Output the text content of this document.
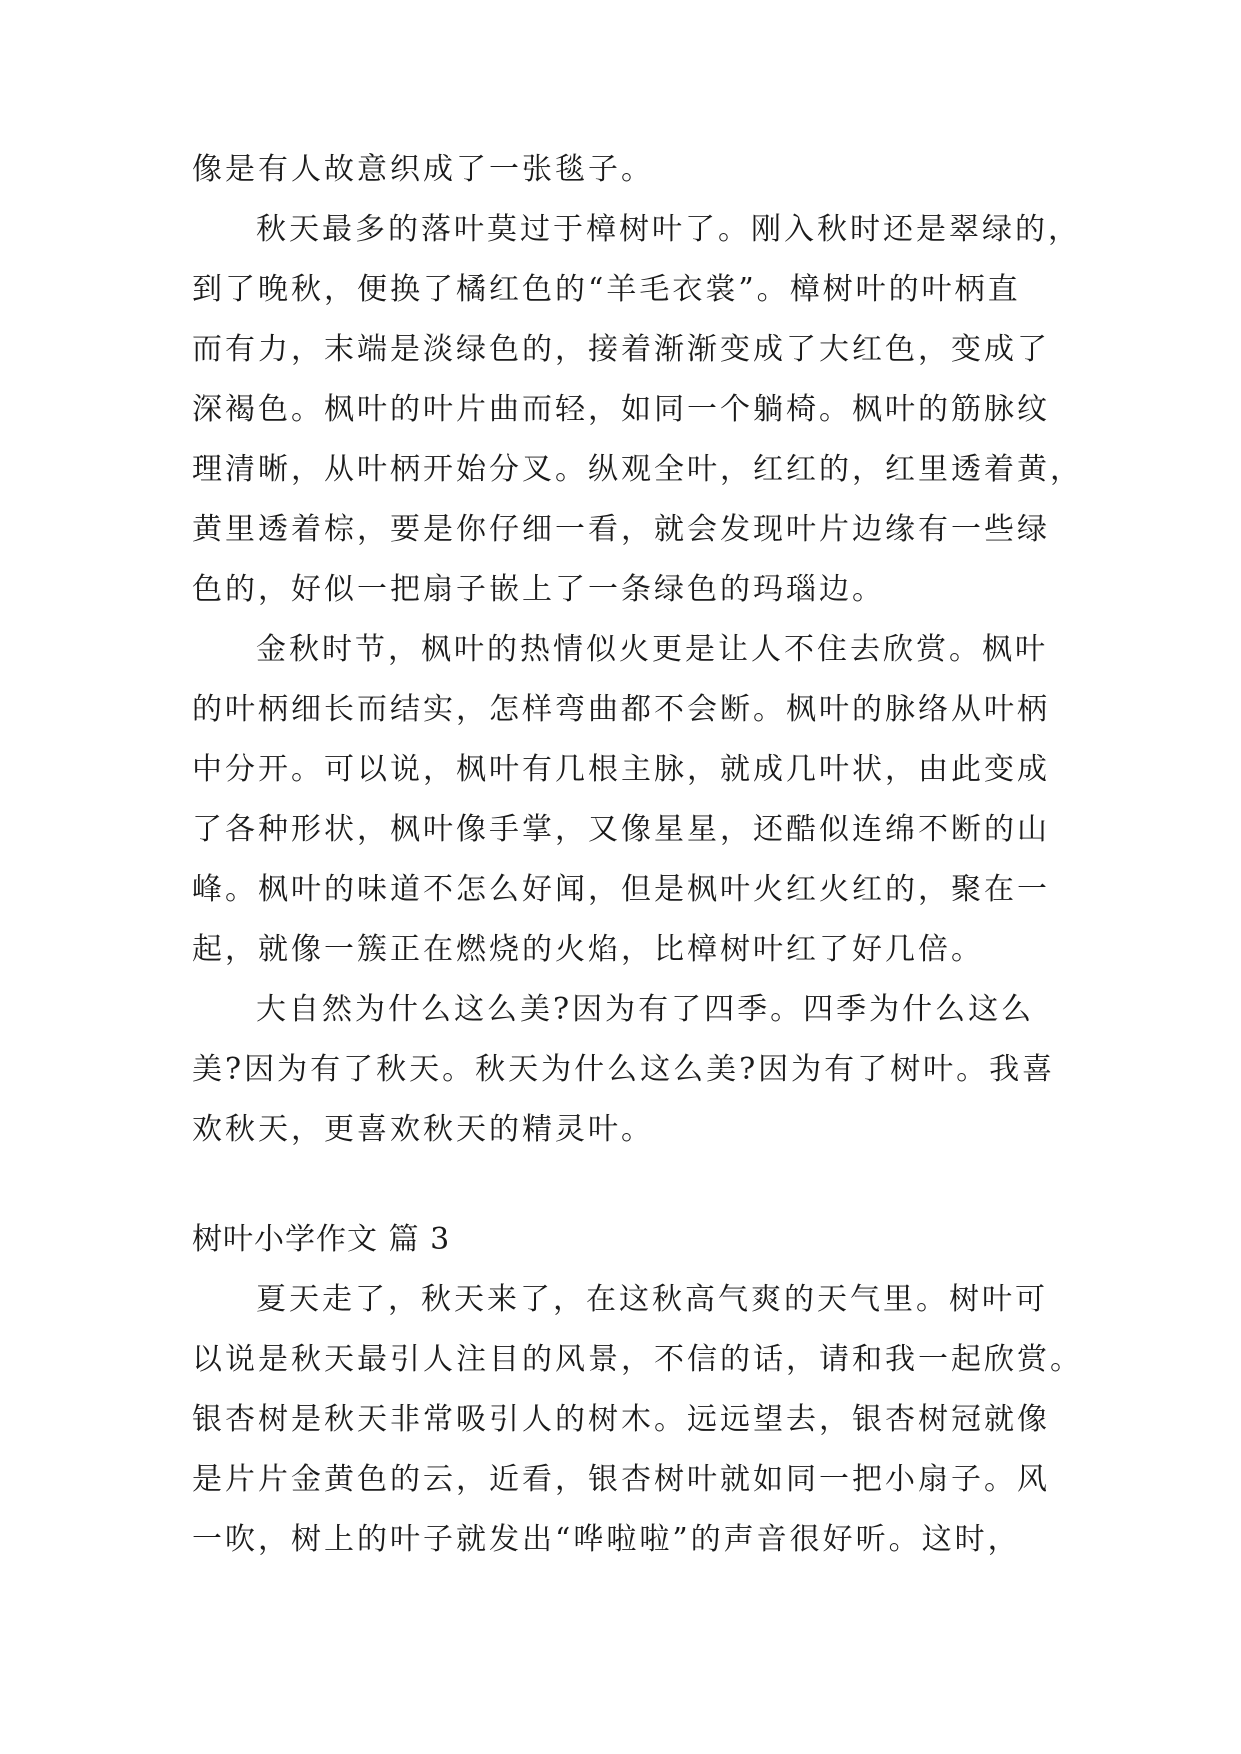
像是有人故意织成了一张毯子。
秋天最多的落叶莫过于樟树叶了。刚入秋时还是翠绿的，
到了晚秋，便换了橘红色的“羊毛衣裳”。樟树叶的叶柄直
而有力，末端是淡绿色的，接着渐渐变成了大红色，变成了
深褐色。枫叶的叶片曲而轻，如同一个躺椅。枫叶的筋脉纹
理清晰，从叶柄开始分叉。纵观全叶，红红的，红里透着黄，
黄里透着棕，要是你仔细一看，就会发现叶片边缘有一些绿
色的，好似一把扇子嵌上了一条绿色的玛瑙边。
金秋时节，枫叶的热情似火更是让人不住去欣赏。枫叶
的叶柄细长而结实，怎样弯曲都不会断。枫叶的脉络从叶柄
中分开。可以说，枫叶有几根主脉，就成几叶状，由此变成
了各种形状，枫叶像手掌，又像星星，还酷似连绵不断的山
峰。枫叶的味道不怎么好闻，但是枫叶火红火红的，聚在一
起，就像一簇正在燃烧的火焰，比樟树叶红了好几倍。
大自然为什么这么美?因为有了四季。四季为什么这么
美?因为有了秋天。秋天为什么这么美?因为有了树叶。我喜
欢秋天，更喜欢秋天的精灵叶。
树叶小学作文 篇 3
夏天走了，秋天来了，在这秋高气爽的天气里。树叶可
以说是秋天最引人注目的风景，不信的话，请和我一起欣赏。
银杏树是秋天非常吸引人的树木。远远望去，银杏树冠就像
是片片金黄色的云，近看，银杏树叶就如同一把小扇子。风
一吹，树上的叶子就发出“哗啦啦”的声音很好听。这时，
